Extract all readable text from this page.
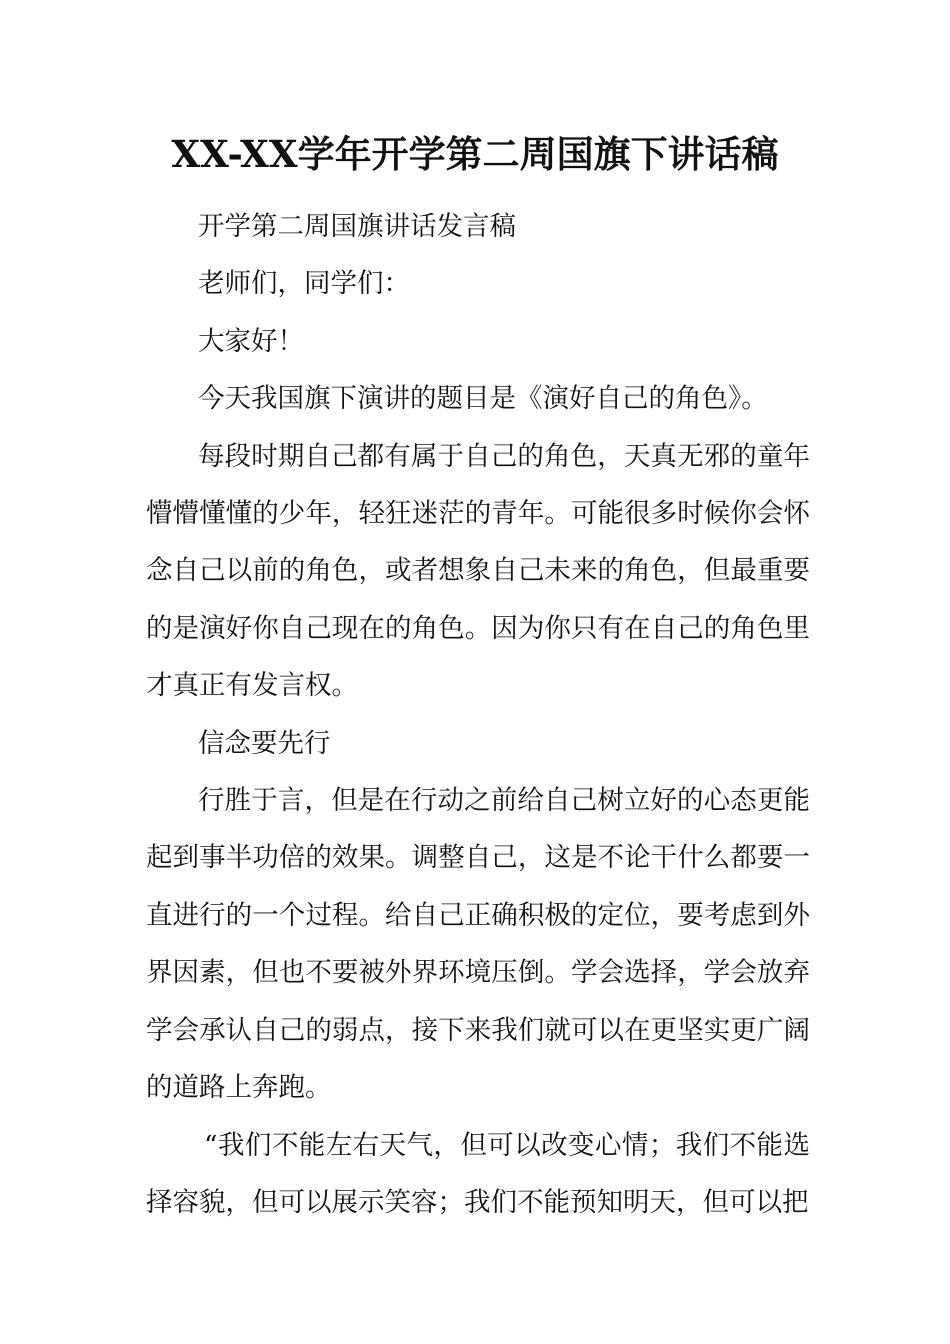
XX-XX学年开学第二周国旗下讲话稿

开学第二周国旗讲话发言稿

老师们，同学们：

大家好！

今天我国旗下演讲的题目是《演好自己的角色》。

每段时期自己都有属于自己的角色，天真无邪的童年懵懵懂懂的少年，轻狂迷茫的青年。可能很多时候你会怀念自己以前的角色，或者想象自己未来的角色，但最重要的是演好你自己现在的角色。因为你只有在自己的角色里才真正有发言权。

信念要先行

行胜于言，但是在行动之前给自己树立好的心态更能起到事半功倍的效果。调整自己，这是不论干什么都要一直进行的一个过程。给自己正确积极的定位，要考虑到外界因素，但也不要被外界环境压倒。学会选择，学会放弃学会承认自己的弱点，接下来我们就可以在更坚实更广阔的道路上奔跑。

“我们不能左右天气，但可以改变心情；我们不能选择容貌，但可以展示笑容；我们不能预知明天，但可以把
